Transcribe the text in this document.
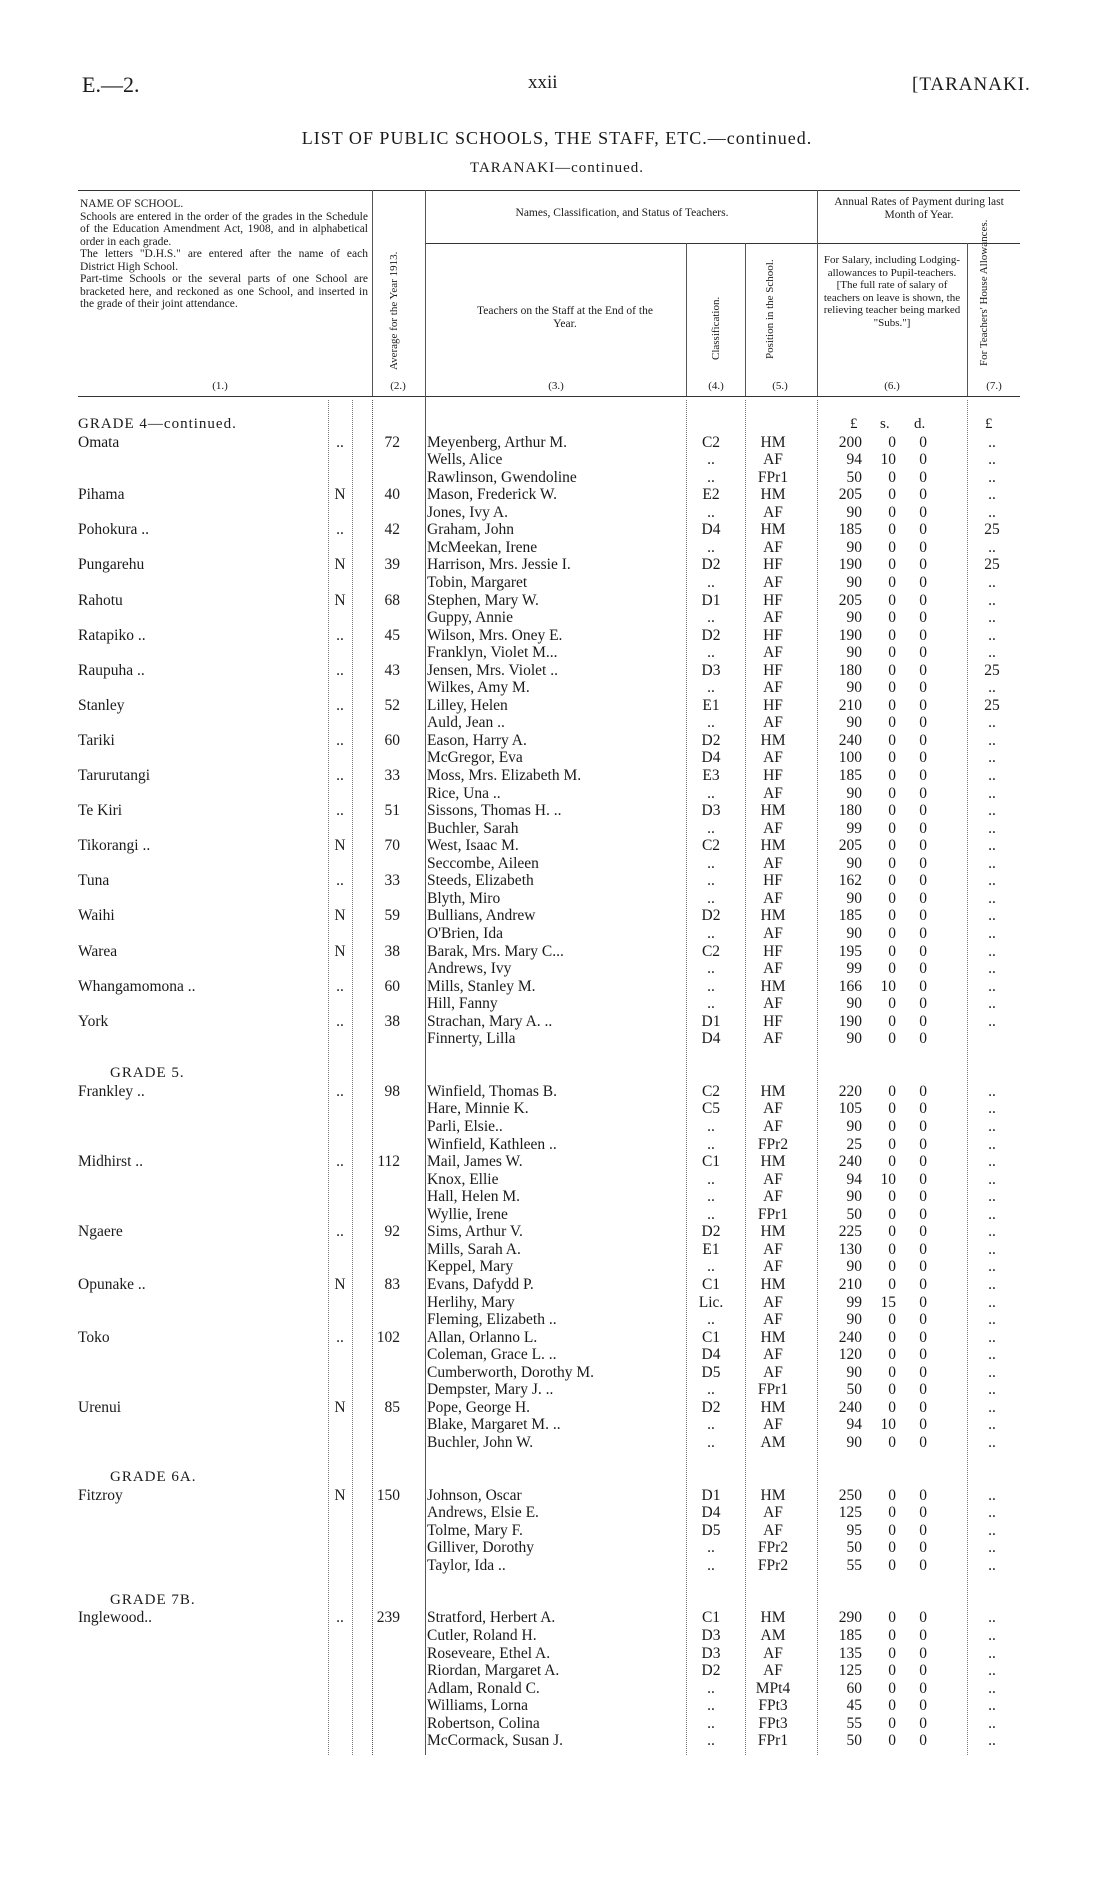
E.—2.	xxii	[TARANAKI.
LIST OF PUBLIC SCHOOLS, THE STAFF, ETC.—continued.
TARANAKI—continued.
NAME OF SCHOOL.
Schools are entered in the order of the grades in the Schedule of the Education Amendment Act, 1908, and in alphabetical order in each grade.
The letters "D.H.S." are entered after the name of each District High School.
Part-time Schools or the several parts of one School are bracketed here, and reckoned as one School, and inserted in the grade of their joint attendance.	Average for the Year 1913.
Names, Classification, and Status of Teachers.
Teachers on the Staff at the End of the Year.	Classification.	Position in the School.
Annual Rates of Payment during last Month of Year.
For Salary, including Lodging-allowances to Pupil-teachers. [The full rate of salary of teachers on leave is shown, the relieving teacher being marked "Subs."]	For Teachers' House Allowances.
(1.)	(2.)	(3.)	(4.)	(5.)	(6.)	(7.)
£ s. d.	£
GRADE 4—continued.
Omata	..	72 Meyenberg, Arthur M.	C2	HM	200	0	0	..
Wells, Alice	..	AF	94	10	0	..
Rawlinson, Gwendoline	..	FPr1	50	0	0	..
Pihama	N	40 Mason, Frederick W.	E2	HM	205	0	0	..
Jones, Ivy A.	..	AF	90	0	0	..
Pohokura ..	..	42 Graham, John	D4	HM	185	0	0	25
McMeekan, Irene	..	AF	90	0	0	..
Pungarehu	N	39 Harrison, Mrs. Jessie I.	D2	HF	190	0	0	25
Tobin, Margaret	..	AF	90	0	0	..
Rahotu	N	68 Stephen, Mary W.	D1	HF	205	0	0	..
Guppy, Annie	..	AF	90	0	0	..
Ratapiko ..	..	45 Wilson, Mrs. Oney E.	D2	HF	190	0	0	..
Franklyn, Violet M...	..	AF	90	0	0	..
Raupuha ..	..	43 Jensen, Mrs. Violet ..	D3	HF	180	0	0	25
Wilkes, Amy M.	..	AF	90	0	0	..
Stanley	..	52 Lilley, Helen	E1	HF	210	0	0	25
Auld, Jean ..	..	AF	90	0	0	..
Tariki	..	60 Eason, Harry A.	D2	HM	240	0	0	..
McGregor, Eva	D4	AF	100	0	0	..
Tarurutangi	..	33 Moss, Mrs. Elizabeth M.	E3	HF	185	0	0	..
Rice, Una ..	..	AF	90	0	0	..
Te Kiri	..	51 Sissons, Thomas H. ..	D3	HM	180	0	0	..
Buchler, Sarah	..	AF	99	0	0	..
Tikorangi ..	N	70 West, Isaac M.	C2	HM	205	0	0	..
Seccombe, Aileen	..	AF	90	0	0	..
Tuna	..	33 Steeds, Elizabeth	..	HF	162	0	0	..
Blyth, Miro	..	AF	90	0	0	..
Waihi	N	59 Bullians, Andrew	D2	HM	185	0	0	..
O'Brien, Ida	..	AF	90	0	0	..
Warea	N	38 Barak, Mrs. Mary C...	C2	HF	195	0	0	..
Andrews, Ivy	..	AF	99	0	0	..
Whangamomona ..	..	60 Mills, Stanley M.	..	HM	166	10	0	..
Hill, Fanny	..	AF	90	0	0	..
York	..	38 Strachan, Mary A. ..	D1	HF	190	0	0	..
Finnerty, Lilla	D4	AF	90	0	0
GRADE 5.
Frankley ..	..	98 Winfield, Thomas B.	C2	HM	220	0	0	..
Hare, Minnie K.	C5	AF	105	0	0	..
Parli, Elsie..	..	AF	90	0	0	..
Winfield, Kathleen ..	..	FPr2	25	0	0	..
Midhirst ..	..	112 Mail, James W.	C1	HM	240	0	0	..
Knox, Ellie	..	AF	94	10	0	..
Hall, Helen M.	..	AF	90	0	0	..
Wyllie, Irene	..	FPr1	50	0	0	..
Ngaere	..	92 Sims, Arthur V.	D2	HM	225	0	0	..
Mills, Sarah A.	E1	AF	130	0	0	..
Keppel, Mary	..	AF	90	0	0	..
Opunake ..	N	83 Evans, Dafydd P.	C1	HM	210	0	0	..
Herlihy, Mary	Lic.	AF	99	15	0	..
Fleming, Elizabeth ..	..	AF	90	0	0	..
Toko	..	102 Allan, Orlanno L.	C1	HM	240	0	0	..
Coleman, Grace L. ..	D4	AF	120	0	0	..
Cumberworth, Dorothy M.	D5	AF	90	0	0	..
Dempster, Mary J. ..	..	FPr1	50	0	0	..
Urenui	N	85 Pope, George H.	D2	HM	240	0	0	..
Blake, Margaret M. ..	..	AF	94	10	0	..
Buchler, John W.	..	AM	90	0	0	..
GRADE 6A.
Fitzroy	N	150 Johnson, Oscar	D1	HM	250	0	0	..
Andrews, Elsie E.	D4	AF	125	0	0	..
Tolme, Mary F.	D5	AF	95	0	0	..
Gilliver, Dorothy	..	FPr2	50	0	0	..
Taylor, Ida ..	..	FPr2	55	0	0	..
GRADE 7B.
Inglewood..	..	239 Stratford, Herbert A.	C1	HM	290	0	0	..
Cutler, Roland H.	D3	AM	185	0	0	..
Roseveare, Ethel A.	D3	AF	135	0	0	..
Riordan, Margaret A.	D2	AF	125	0	0	..
Adlam, Ronald C.	..	MPt4	60	0	0	..
Williams, Lorna	..	FPt3	45	0	0	..
Robertson, Colina	..	FPt3	55	0	0	..
McCormack, Susan J.	..	FPr1	50	0	0	..
